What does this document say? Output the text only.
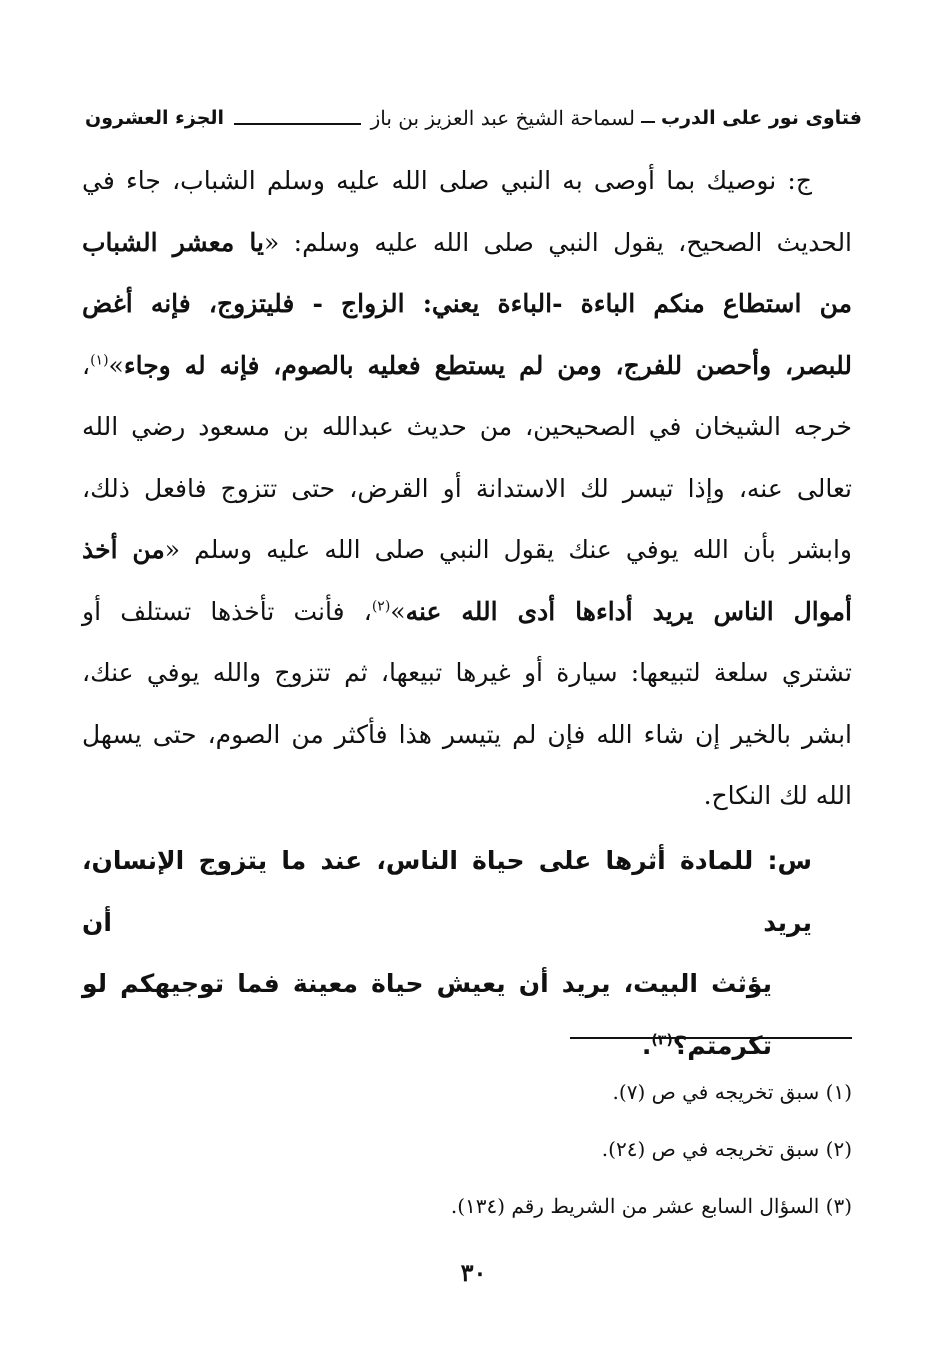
فتاوى نور على الدرب
لسماحة الشيخ عبد العزيز بن باز
الجزء العشرون
ج: نوصيك بما أوصى به النبي صلى الله عليه وسلم الشباب، جاء في
الحديث الصحيح، يقول النبي صلى الله عليه وسلم: «يا معشر الشباب
من استطاع منكم الباءة -الباءة يعني: الزواج - فليتزوج، فإنه أغض
للبصر، وأحصن للفرج، ومن لم يستطع فعليه بالصوم، فإنه له وجاء»$^{(١)}$،
خرجه الشيخان في الصحيحين، من حديث عبدالله بن مسعود رضي الله
تعالى عنه، وإذا تيسر لك الاستدانة أو القرض، حتى تتزوج فافعل ذلك،
وابشر بأن الله يوفي عنك يقول النبي صلى الله عليه وسلم «من أخذ
أموال الناس يريد أداءها أدى الله عنه»$^{(٢)}$، فأنت تأخذها تستلف أو
تشتري سلعة لتبيعها: سيارة أو غيرها تبيعها، ثم تتزوج والله يوفي عنك،
ابشر بالخير إن شاء الله فإن لم يتيسر هذا فأكثر من الصوم، حتى يسهل
الله لك النكاح.
س: للمادة أثرها على حياة الناس، عند ما يتزوج الإنسان، يريد أن
يؤثث البيت، يريد أن يعيش حياة معينة فما توجيهكم لو
تكرمتم؟$^{(٣)}$.
(١) سبق تخريجه في ص (٧).
(٢) سبق تخريجه في ص (٢٤).
(٣) السؤال السابع عشر من الشريط رقم (١٣٤).
٣٠
